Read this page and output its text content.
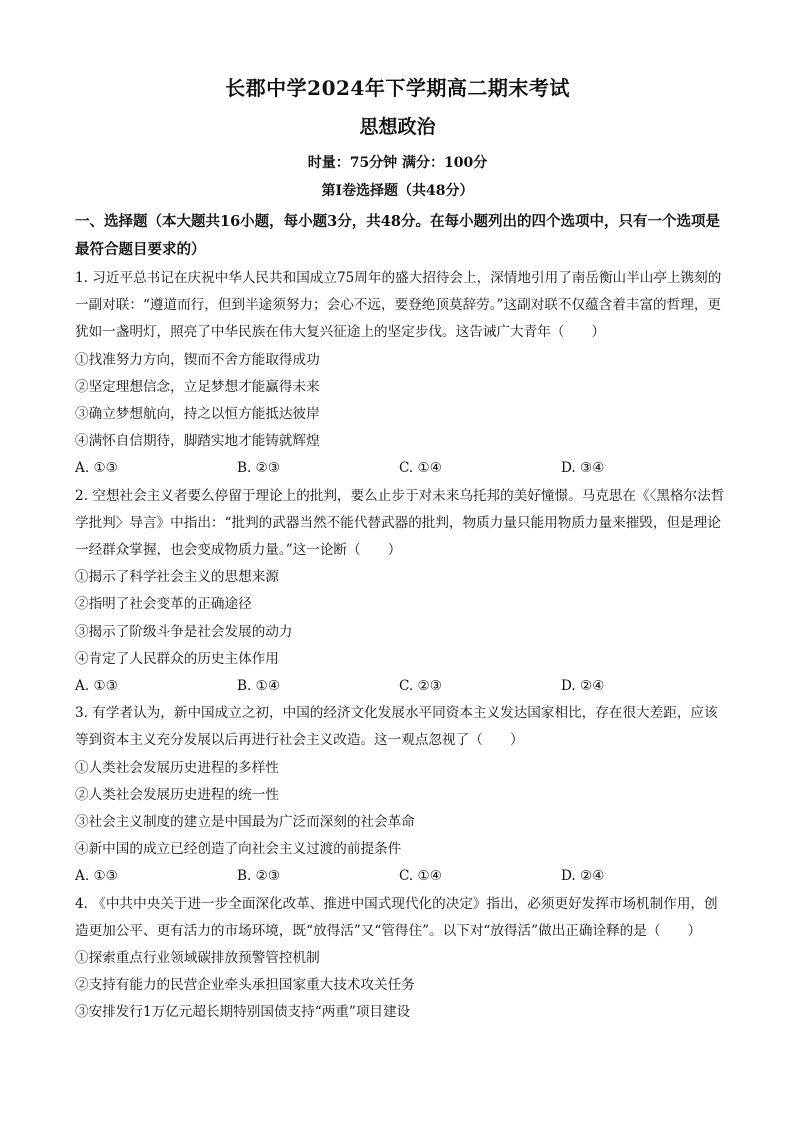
长郡中学2024年下学期高二期末考试
思想政治
时量：75分钟 满分：100分
第Ⅰ卷选择题（共48分）
一、选择题（本大题共16小题，每小题3分，共48分。在每小题列出的四个选项中，只有一个选项是最符合题目要求的）

1. 习近平总书记在庆祝中华人民共和国成立75周年的盛大招待会上，深情地引用了南岳衡山半山亭上镌刻的一副对联：“遵道而行，但到半途须努力；会心不远，要登绝顶莫辞劳。”这副对联不仅蕴含着丰富的哲理，更犹如一盏明灯，照亮了中华民族在伟大复兴征途上的坚定步伐。这告诫广大青年（　　）

①找准努力方向，锲而不舍方能取得成功

②坚定理想信念，立足梦想才能赢得未来

③确立梦想航向，持之以恒方能抵达彼岸

④满怀自信期待，脚踏实地才能铸就辉煌

A. ①③	B. ②③	C. ①④	D. ③④

2. 空想社会主义者要么停留于理论上的批判，要么止步于对未来乌托邦的美好憧憬。马克思在《〈黑格尔法哲学批判〉导言》中指出：“批判的武器当然不能代替武器的批判，物质力量只能用物质力量来摧毁，但是理论一经群众掌握，也会变成物质力量。”这一论断（　　）

①揭示了科学社会主义的思想来源

②指明了社会变革的正确途径

③揭示了阶级斗争是社会发展的动力

④肯定了人民群众的历史主体作用

A. ①③	B. ①④	C. ②③	D. ②④

3. 有学者认为，新中国成立之初，中国的经济文化发展水平同资本主义发达国家相比，存在很大差距，应该等到资本主义充分发展以后再进行社会主义改造。这一观点忽视了（　　）

①人类社会发展历史进程的多样性

②人类社会发展历史进程的统一性

③社会主义制度的建立是中国最为广泛而深刻的社会革命

④新中国的成立已经创造了向社会主义过渡的前提条件

A. ①③	B. ②③	C. ①④	D. ②④

4. 《中共中央关于进一步全面深化改革、推进中国式现代化的决定》指出，必须更好发挥市场机制作用，创造更加公平、更有活力的市场环境，既“放得活”又“管得住”。以下对“放得活”做出正确诠释的是（　　）

①探索重点行业领域碳排放预警管控机制

②支持有能力的民营企业牵头承担国家重大技术攻关任务

③安排发行1万亿元超长期特别国债支持“两重”项目建设
